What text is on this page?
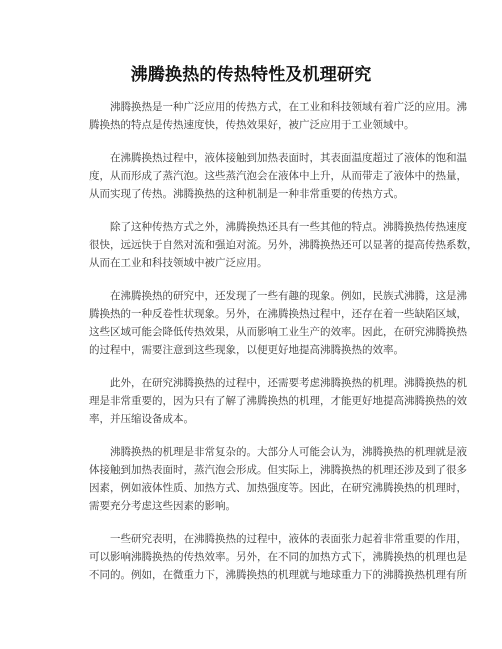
沸腾换热的传热特性及机理研究

沸腾换热是一种广泛应用的传热方式，在工业和科技领域有着广泛的应用。沸
腾换热的特点是传热速度快，传热效果好，被广泛应用于工业领域中。

在沸腾换热过程中，液体接触到加热表面时，其表面温度超过了液体的饱和温
度，从而形成了蒸汽泡。这些蒸汽泡会在液体中上升，从而带走了液体中的热量，
从而实现了传热。沸腾换热的这种机制是一种非常重要的传热方式。

除了这种传热方式之外，沸腾换热还具有一些其他的特点。沸腾换热传热速度
很快，远远快于自然对流和强迫对流。另外，沸腾换热还可以显著的提高传热系数，
从而在工业和科技领域中被广泛应用。

在沸腾换热的研究中，还发现了一些有趣的现象。例如，民族式沸腾，这是沸
腾换热的一种反卷性状现象。另外，在沸腾换热过程中，还存在着一些缺陷区域，
这些区域可能会降低传热效果，从而影响工业生产的效率。因此，在研究沸腾换热
的过程中，需要注意到这些现象，以便更好地提高沸腾换热的效率。

此外，在研究沸腾换热的过程中，还需要考虑沸腾换热的机理。沸腾换热的机
理是非常重要的，因为只有了解了沸腾换热的机理，才能更好地提高沸腾换热的效
率，并压缩设备成本。

沸腾换热的机理是非常复杂的。大部分人可能会认为，沸腾换热的机理就是液
体接触到加热表面时，蒸汽泡会形成。但实际上，沸腾换热的机理还涉及到了很多
因素，例如液体性质、加热方式、加热强度等。因此，在研究沸腾换热的机理时，
需要充分考虑这些因素的影响。

一些研究表明，在沸腾换热的过程中，液体的表面张力起着非常重要的作用，
可以影响沸腾换热的传热效率。另外，在不同的加热方式下，沸腾换热的机理也是
不同的。例如，在微重力下，沸腾换热的机理就与地球重力下的沸腾换热机理有所
